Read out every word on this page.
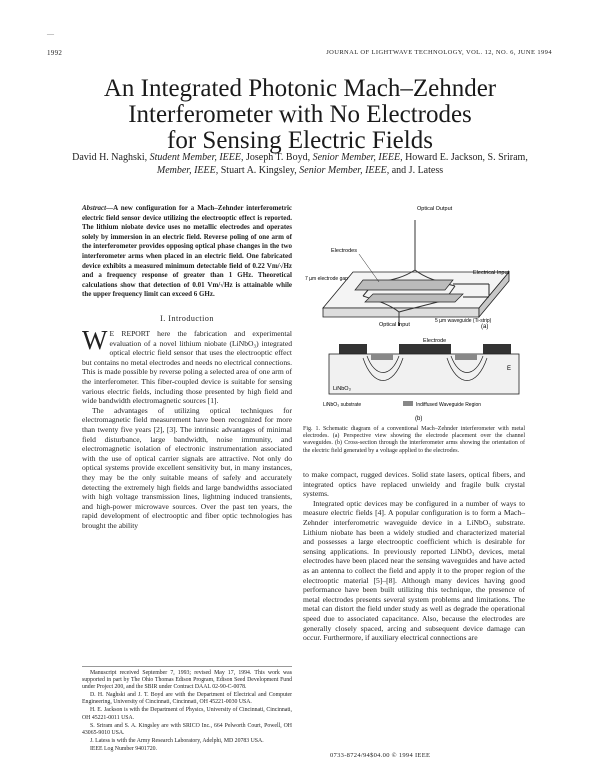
—
1992	JOURNAL OF LIGHTWAVE TECHNOLOGY, VOL. 12, NO. 6, JUNE 1994
An Integrated Photonic Mach–Zehnder
Interferometer with No Electrodes
for Sensing Electric Fields
David H. Naghski, Student Member, IEEE, Joseph T. Boyd, Senior Member, IEEE, Howard E. Jackson, S. Sriram, Member, IEEE, Stuart A. Kingsley, Senior Member, IEEE, and J. Latess
Abstract—A new configuration for a Mach–Zehnder interferometric electric field sensor device utilizing the electrooptic effect is reported. The lithium niobate device uses no metallic electrodes and operates solely by immersion in an electric field. Reverse poling of one arm of the interferometer provides opposing optical phase changes in the two interferometer arms when placed in an electric field. One fabricated device exhibits a measured minimum detectable field of 0.22 Vm/√Hz and a frequency response of greater than 1 GHz. Theoretical calculations show that detection of 0.01 Vm/√Hz is attainable while the upper frequency limit can exceed 6 GHz.
I. Introduction

W E REPORT here the fabrication and experimental evaluation of a novel lithium niobate (LiNbO₃) integrated optical electric field sensor that uses the electrooptic effect but contains no metal electrodes and needs no electrical connections. This is made possible by reverse poling a selected area of one arm of the interferometer. This fiber-coupled device is suitable for sensing various electric fields, including those presented by high field and wide bandwidth electromagnetic sources [1].

The advantages of utilizing optical techniques for electromagnetic field measurement have been recognized for more than twenty five years [2], [3]. The intrinsic advantages of minimal field disturbance, large bandwidth, noise immunity, and electromagnetic isolation of electronic instrumentation associated with the use of optical carrier signals are attractive. Not only do optical systems provide excellent sensitivity but, in many instances, they may be the only suitable means of safely and accurately detecting the extremely high fields and large bandwidths associated with high voltage transmission lines, lightning induced transients, and high-power microwave sources. Over the past ten years, the rapid development of electrooptic and fiber optic technologies has brought the ability

Manuscript received September 7, 1993; revised May 17, 1994. This work was supported in part by The Ohio Thomas Edison Program, Edison Seed Development Fund under Project 200, and the SBIR under Contract DAAL 02-90-C-0078.

D. H. Naghski and J. T. Boyd are with the Department of Electrical and Computer Engineering, University of Cincinnati, Cincinnati, OH 45221-0030 USA.

H. E. Jackson is with the Department of Physics, University of Cincinnati, Cincinnati, OH 45221-0011 USA.

S. Sriram and S. A. Kingsley are with SRICO Inc., 664 Pelworth Court, Powell, OH 43065-9010 USA.

J. Latess is with the Army Research Laboratory, Adelphi, MD 20783 USA.

IEEE Log Number 9401720.

Optical Output
Electrodes
7 µm electrode gap
Electrical Input
5 µm waveguide (Ti-strip)
Optical Input	(a)
Electrode
LiNbO₃
E
LiNbO₃ substrate	Indiffused Waveguide Region
(b)
Fig. 1. Schematic diagram of a conventional Mach–Zehnder interferometer with metal electrodes. (a) Perspective view showing the electrode placement over the channel waveguides. (b) Cross-section through the interferometer arms showing the orientation of the electric field generated by a voltage applied to the electrodes.

to make compact, rugged devices. Solid state lasers, optical fibers, and integrated optics have replaced unwieldy and fragile bulk crystal systems.

Integrated optic devices may be configured in a number of ways to measure electric fields [4]. A popular configuration is to form a Mach–Zehnder interferometric waveguide device in a LiNbO₃ substrate. Lithium niobate has been a widely studied and characterized material and possesses a large electrooptic coefficient which is desirable for sensing applications. In previously reported LiNbO₃ devices, metal electrodes have been placed near the sensing waveguides and have acted as an antenna to collect the field and apply it to the proper region of the electrooptic material [5]–[8]. Although many devices having good performance have been built utilizing this technique, the presence of metal electrodes presents several system problems and limitations. The metal can distort the field under study as well as degrade the operational speed due to associated capacitance. Also, because the electrodes are generally closely spaced, arcing and subsequent device damage can occur. Furthermore, if auxiliary electrical connections are

0733-8724/94$04.00 © 1994 IEEE
